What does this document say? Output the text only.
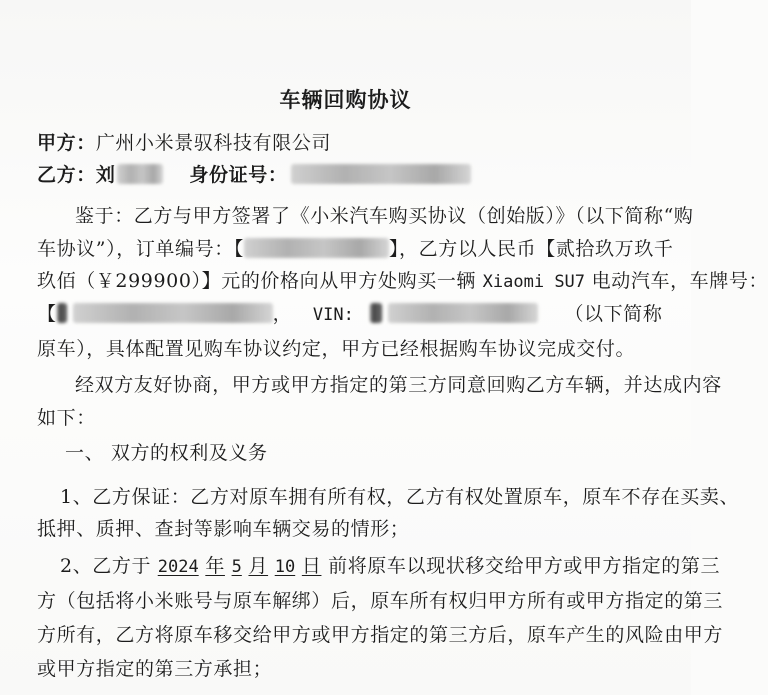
车辆回购协议
甲方：广州小米景驭科技有限公司
乙方：刘	身份证号：
鉴于：乙方与甲方签署了《小米汽车购买协议（创始版）》（以下简称“购
车协议”），订单编号：【	】，乙方以人民币【贰拾玖万玖千
玖佰（￥299900）】元的价格向从甲方处购买一辆 Xiaomi SU7 电动汽车，车牌号：
【	， VIN:	（以下简称
原车），具体配置见购车协议约定，甲方已经根据购车协议完成交付。
经双方友好协商，甲方或甲方指定的第三方同意回购乙方车辆，并达成内容
如下：
一、 双方的权利及义务
1、乙方保证：乙方对原车拥有所有权，乙方有权处置原车，原车不存在买卖、
抵押、质押、查封等影响车辆交易的情形；
2、乙方于 2024 年 5 月 10 日 前将原车以现状移交给甲方或甲方指定的第三
方（包括将小米账号与原车解绑）后，原车所有权归甲方所有或甲方指定的第三
方所有，乙方将原车移交给甲方或甲方指定的第三方后，原车产生的风险由甲方
或甲方指定的第三方承担；
